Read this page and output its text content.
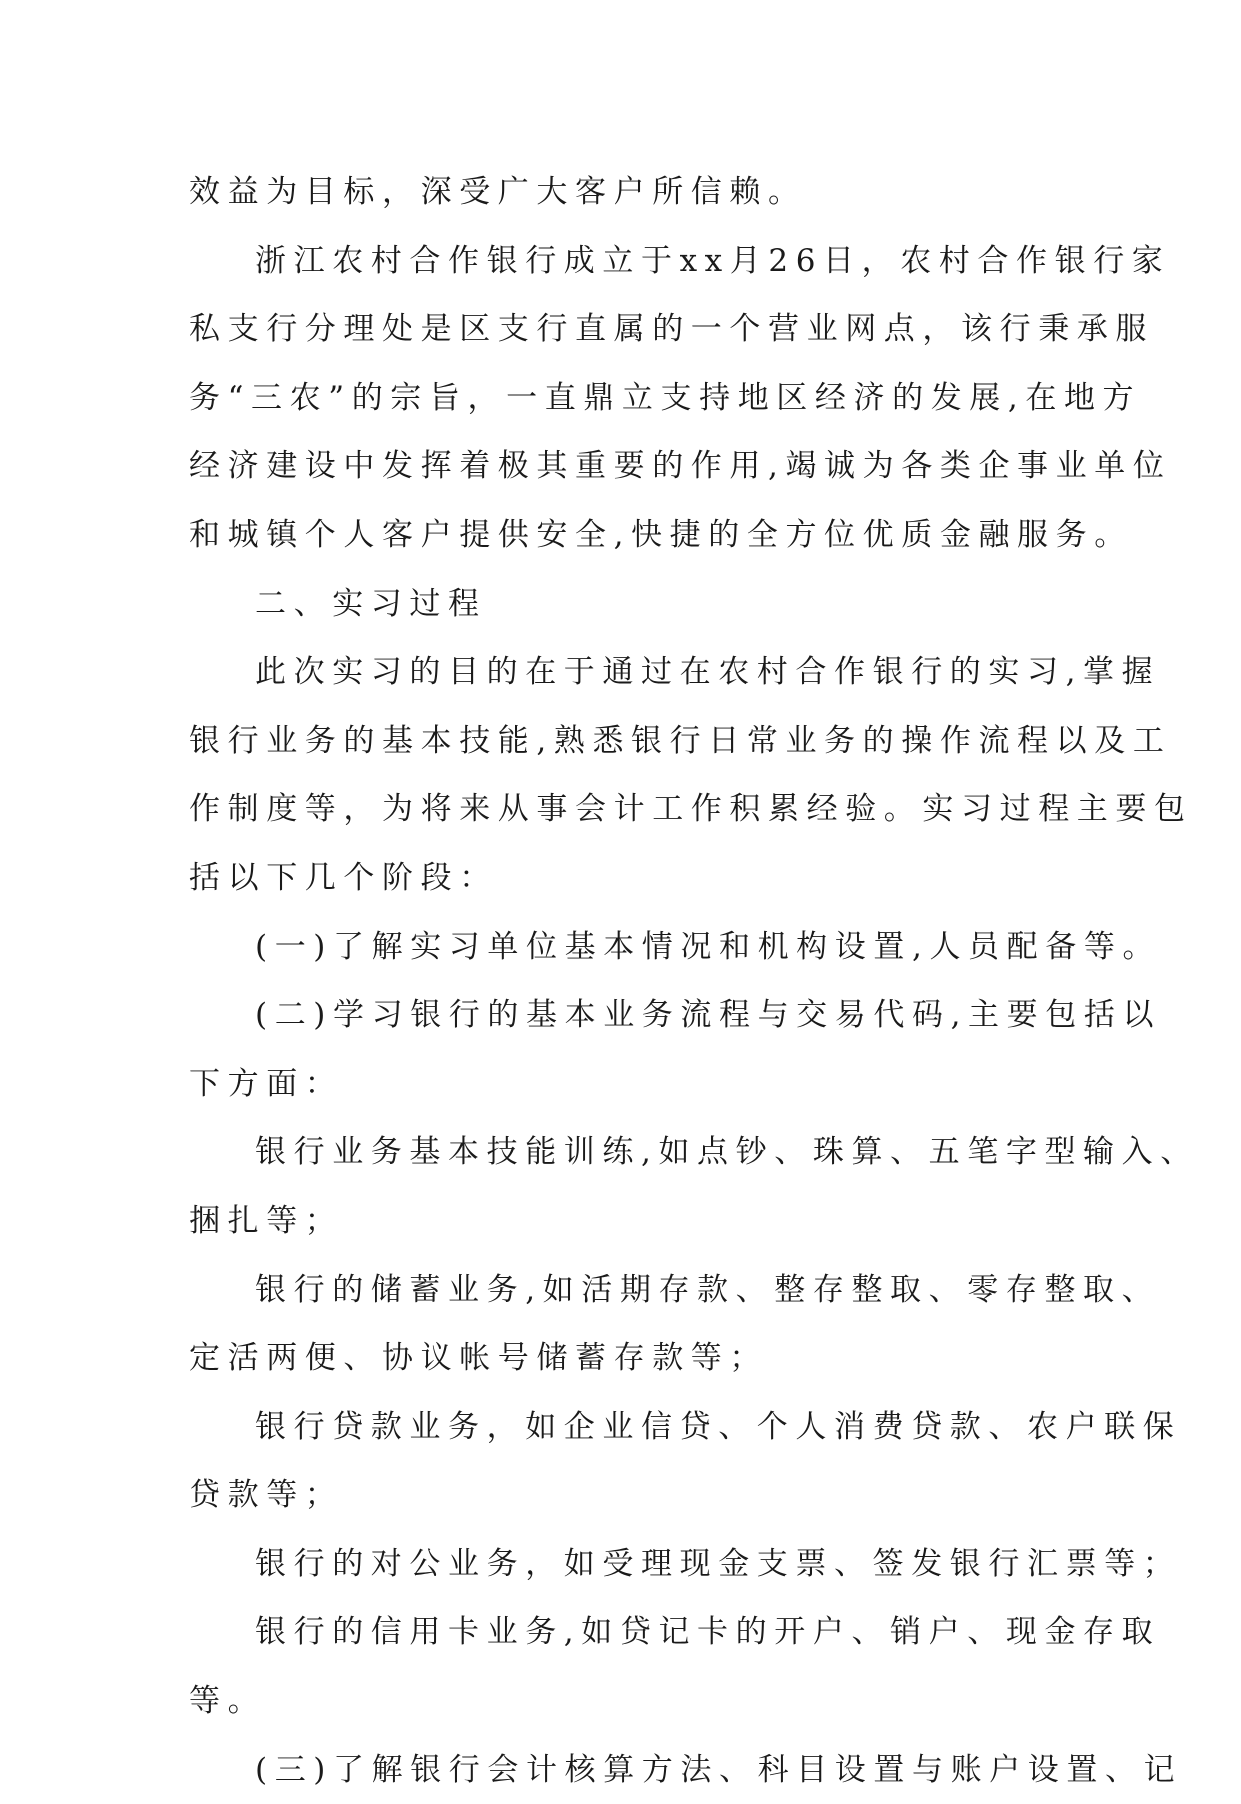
效益为目标，深受广大客户所信赖。
浙江农村合作银行成立于xx月26日，农村合作银行家
私支行分理处是区支行直属的一个营业网点，该行秉承服
务“三农”的宗旨，一直鼎立支持地区经济的发展,在地方
经济建设中发挥着极其重要的作用,竭诚为各类企事业单位
和城镇个人客户提供安全,快捷的全方位优质金融服务。
二、实习过程
此次实习的目的在于通过在农村合作银行的实习,掌握
银行业务的基本技能,熟悉银行日常业务的操作流程以及工
作制度等，为将来从事会计工作积累经验。实习过程主要包
括以下几个阶段：
(一)了解实习单位基本情况和机构设置,人员配备等。
(二)学习银行的基本业务流程与交易代码,主要包括以
下方面：
银行业务基本技能训练,如点钞、珠算、五笔字型输入、
捆扎等；
银行的储蓄业务,如活期存款、整存整取、零存整取、
定活两便、协议帐号储蓄存款等；
银行贷款业务，如企业信贷、个人消费贷款、农户联保
贷款等；
银行的对公业务，如受理现金支票、签发银行汇票等；
银行的信用卡业务,如贷记卡的开户、销户、现金存取
等。
(三)了解银行会计核算方法、科目设置与账户设置、记
